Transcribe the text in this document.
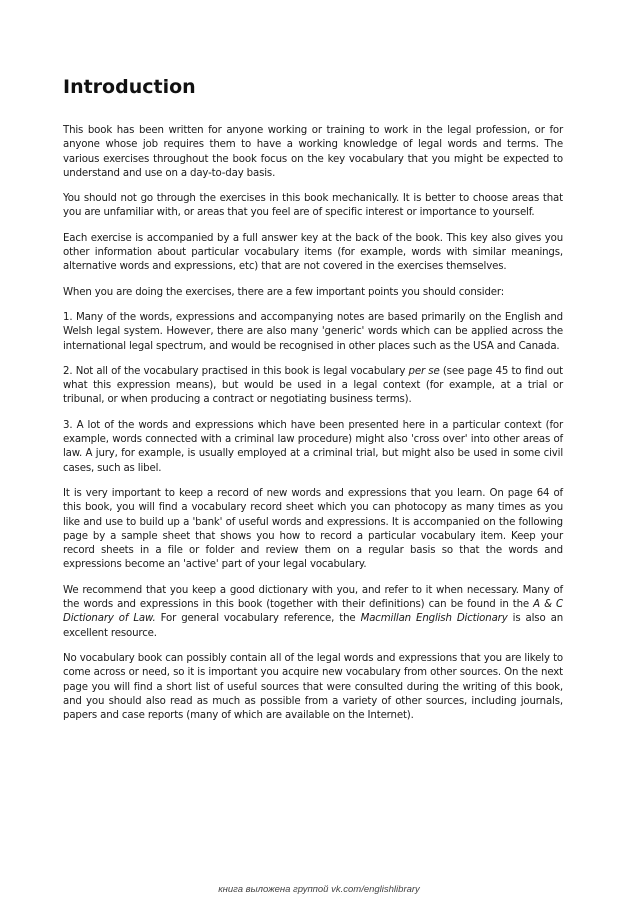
Introduction

This book has been written for anyone working or training to work in the legal profession, or for anyone whose job requires them to have a working knowledge of legal words and terms. The various exercises throughout the book focus on the key vocabulary that you might be expected to understand and use on a day-to-day basis.

You should not go through the exercises in this book mechanically. It is better to choose areas that you are unfamiliar with, or areas that you feel are of specific interest or importance to yourself.

Each exercise is accompanied by a full answer key at the back of the book. This key also gives you other information about particular vocabulary items (for example, words with similar meanings, alternative words and expressions, etc) that are not covered in the exercises themselves.

When you are doing the exercises, there are a few important points you should consider:

1. Many of the words, expressions and accompanying notes are based primarily on the English and Welsh legal system. However, there are also many 'generic' words which can be applied across the international legal spectrum, and would be recognised in other places such as the USA and Canada.

2. Not all of the vocabulary practised in this book is legal vocabulary per se (see page 45 to find out what this expression means), but would be used in a legal context (for example, at a trial or tribunal, or when producing a contract or negotiating business terms).

3. A lot of the words and expressions which have been presented here in a particular context (for example, words connected with a criminal law procedure) might also 'cross over' into other areas of law. A jury, for example, is usually employed at a criminal trial, but might also be used in some civil cases, such as libel.

It is very important to keep a record of new words and expressions that you learn. On page 64 of this book, you will find a vocabulary record sheet which you can photocopy as many times as you like and use to build up a 'bank' of useful words and expressions. It is accompanied on the following page by a sample sheet that shows you how to record a particular vocabulary item. Keep your record sheets in a file or folder and review them on a regular basis so that the words and expressions become an 'active' part of your legal vocabulary.

We recommend that you keep a good dictionary with you, and refer to it when necessary. Many of the words and expressions in this book (together with their definitions) can be found in the A & C Dictionary of Law. For general vocabulary reference, the Macmillan English Dictionary is also an excellent resource.

No vocabulary book can possibly contain all of the legal words and expressions that you are likely to come across or need, so it is important you acquire new vocabulary from other sources. On the next page you will find a short list of useful sources that were consulted during the writing of this book, and you should also read as much as possible from a variety of other sources, including journals, papers and case reports (many of which are available on the Internet).

книга выложена группой vk.com/englishlibrary
